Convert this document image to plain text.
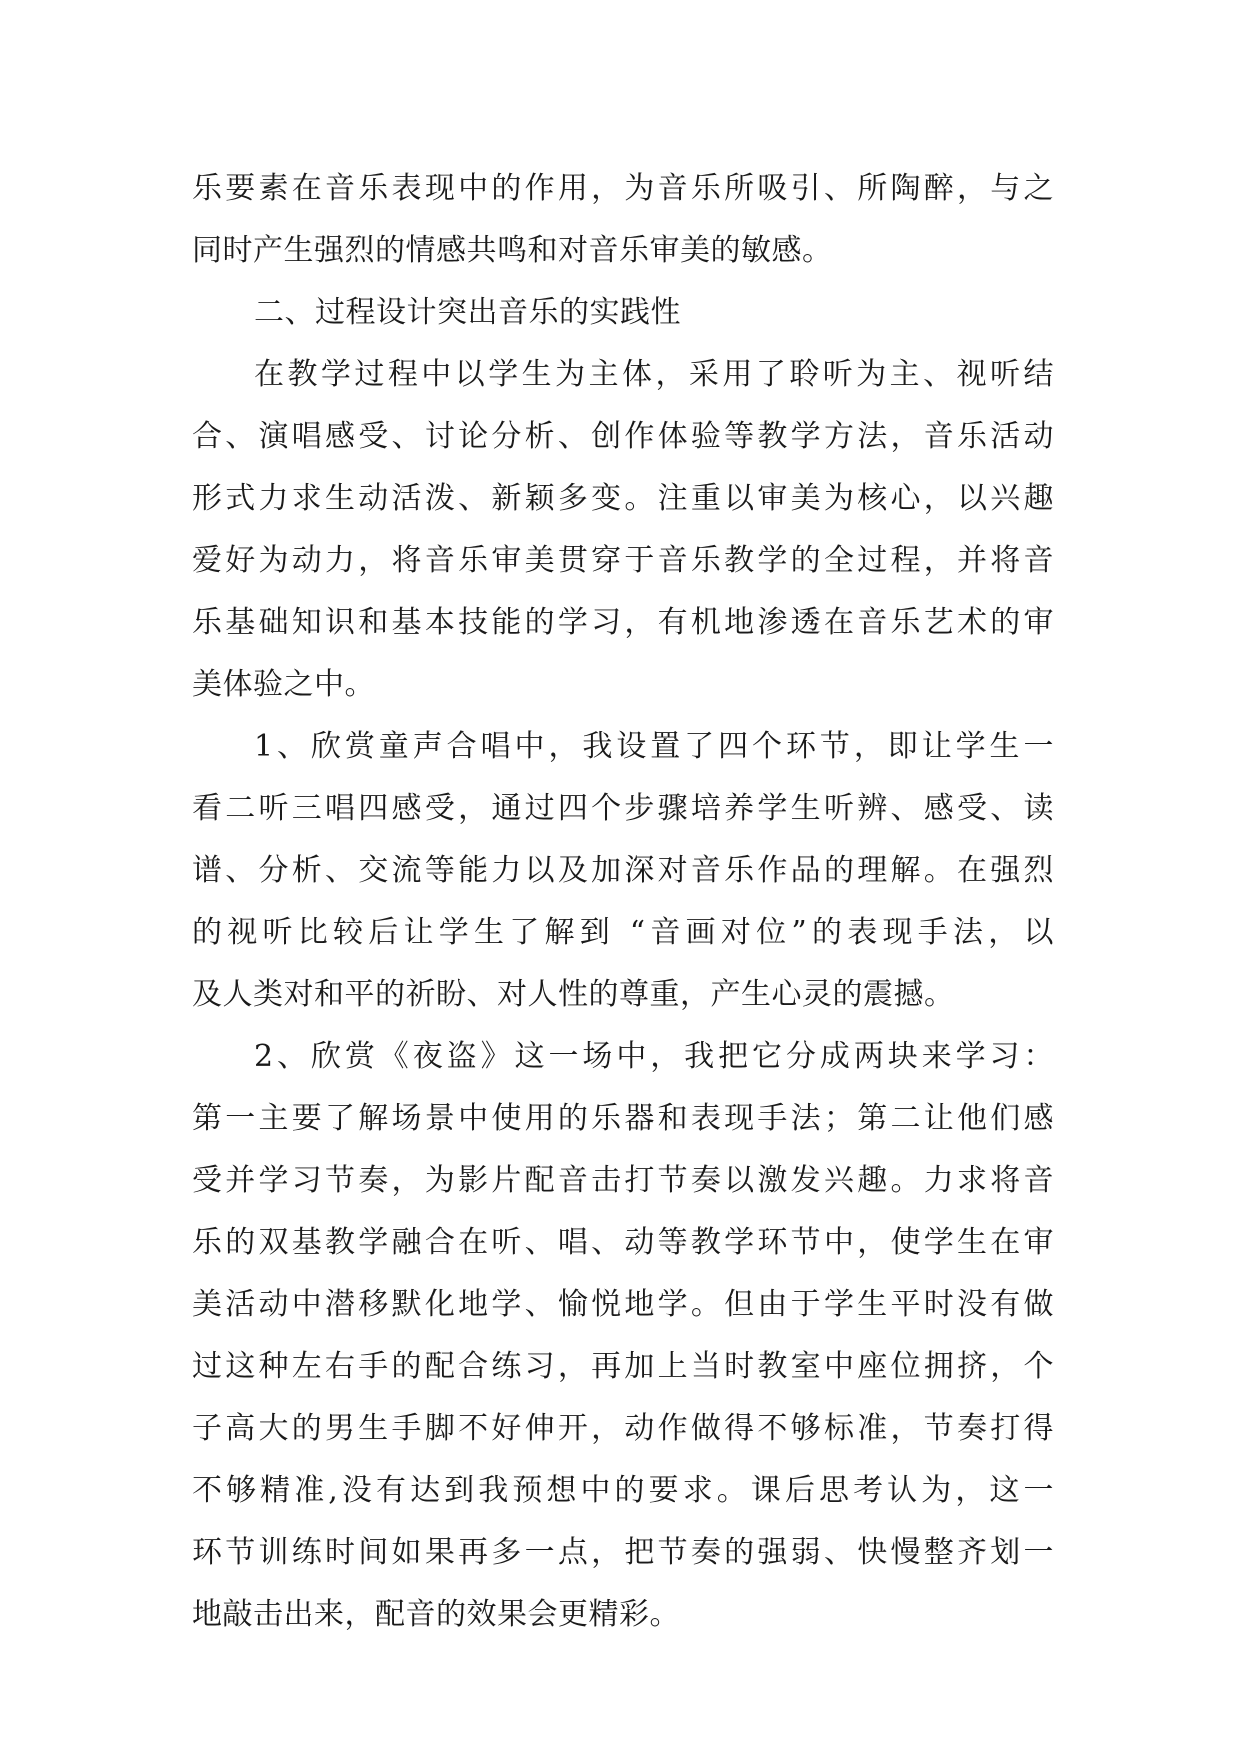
乐要素在音乐表现中的作用，为音乐所吸引、所陶醉，与之
同时产生强烈的情感共鸣和对音乐审美的敏感。
二、过程设计突出音乐的实践性
在教学过程中以学生为主体，采用了聆听为主、视听结
合、演唱感受、讨论分析、创作体验等教学方法，音乐活动
形式力求生动活泼、新颖多变。注重以审美为核心，以兴趣
爱好为动力，将音乐审美贯穿于音乐教学的全过程，并将音
乐基础知识和基本技能的学习，有机地渗透在音乐艺术的审
美体验之中。
1、欣赏童声合唱中，我设置了四个环节，即让学生一
看二听三唱四感受，通过四个步骤培养学生听辨、感受、读
谱、分析、交流等能力以及加深对音乐作品的理解。在强烈
的视听比较后让学生了解到 “音画对位”的表现手法，以
及人类对和平的祈盼、对人性的尊重，产生心灵的震撼。
2、欣赏《夜盗》这一场中，我把它分成两块来学习：
第一主要了解场景中使用的乐器和表现手法；第二让他们感
受并学习节奏，为影片配音击打节奏以激发兴趣。力求将音
乐的双基教学融合在听、唱、动等教学环节中，使学生在审
美活动中潜移默化地学、愉悦地学。但由于学生平时没有做
过这种左右手的配合练习，再加上当时教室中座位拥挤，个
子高大的男生手脚不好伸开，动作做得不够标准，节奏打得
不够精准,没有达到我预想中的要求。课后思考认为，这一
环节训练时间如果再多一点，把节奏的强弱、快慢整齐划一
地敲击出来，配音的效果会更精彩。
